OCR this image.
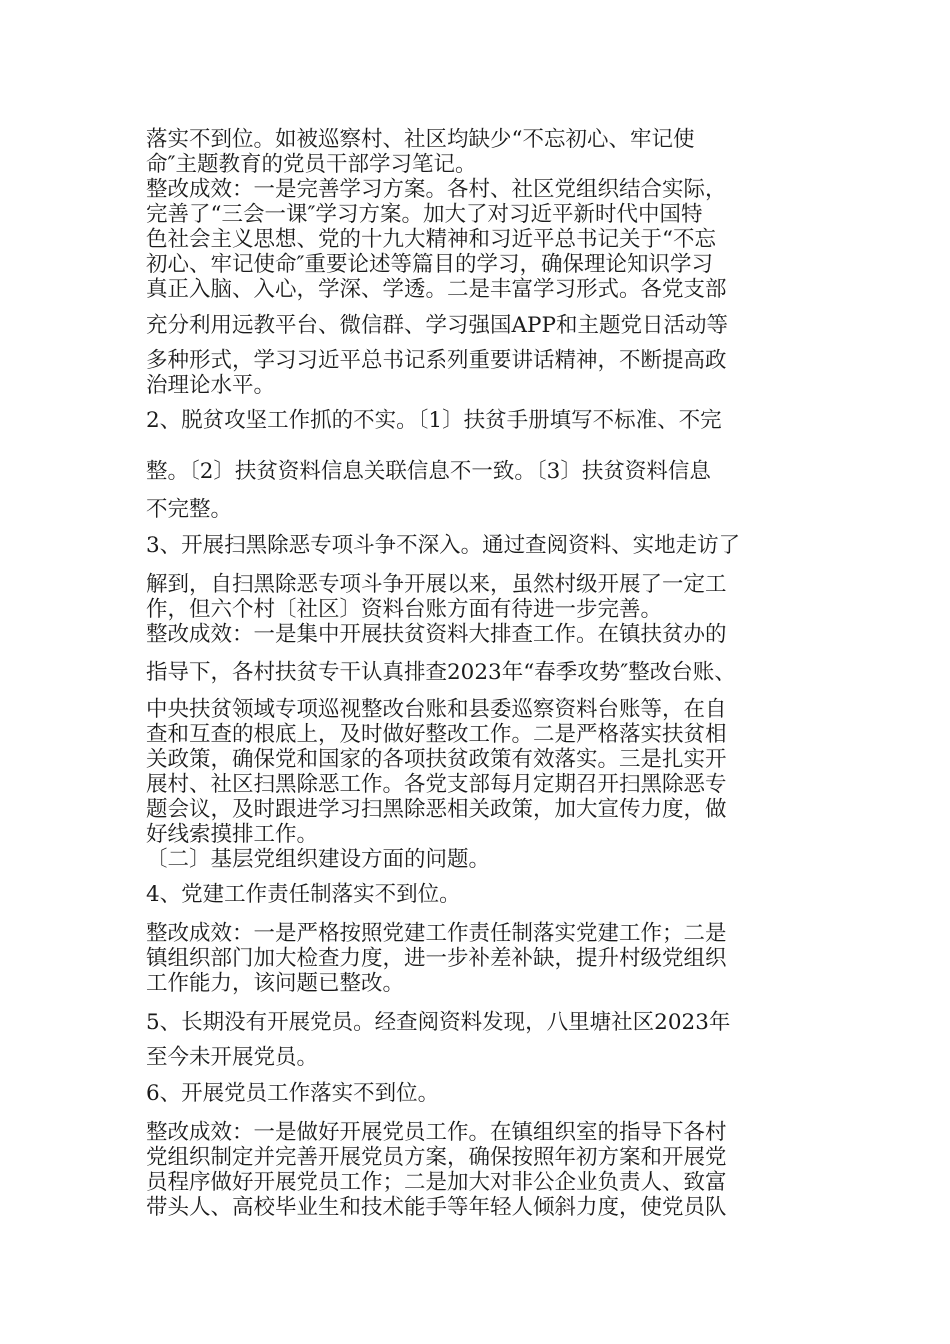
落实不到位。如被巡察村、社区均缺少“不忘初心、牢记使

命″主题教育的党员干部学习笔记。

整改成效：一是完善学习方案。各村、社区党组织结合实际，

完善了“三会一课″学习方案。加大了对习近平新时代中国特

色社会主义思想、党的十九大精神和习近平总书记关于“不忘

初心、牢记使命″重要论述等篇目的学习，确保理论知识学习

真正入脑、入心，学深、学透。二是丰富学习形式。各党支部

充分利用远教平台、微信群、学习强国APP和主题党日活动等

多种形式，学习习近平总书记系列重要讲话精神，不断提高政

治理论水平。

2、脱贫攻坚工作抓的不实。〔1〕扶贫手册填写不标准、不完

整。〔2〕扶贫资料信息关联信息不一致。〔3〕扶贫资料信息

不完整。

3、开展扫黑除恶专项斗争不深入。通过查阅资料、实地走访了

解到，自扫黑除恶专项斗争开展以来，虽然村级开展了一定工

作，但六个村〔社区〕资料台账方面有待进一步完善。

整改成效：一是集中开展扶贫资料大排查工作。在镇扶贫办的

指导下，各村扶贫专干认真排查2023年“春季攻势″整改台账、

中央扶贫领域专项巡视整改台账和县委巡察资料台账等，在自

查和互查的根底上，及时做好整改工作。二是严格落实扶贫相

关政策，确保党和国家的各项扶贫政策有效落实。三是扎实开

展村、社区扫黑除恶工作。各党支部每月定期召开扫黑除恶专

题会议，及时跟进学习扫黑除恶相关政策，加大宣传力度，做

好线索摸排工作。

〔二〕基层党组织建设方面的问题。

4、党建工作责任制落实不到位。

整改成效：一是严格按照党建工作责任制落实党建工作；二是

镇组织部门加大检查力度，进一步补差补缺，提升村级党组织

工作能力，该问题已整改。

5、长期没有开展党员。经查阅资料发现，八里塘社区2023年

至今未开展党员。

6、开展党员工作落实不到位。

整改成效：一是做好开展党员工作。在镇组织室的指导下各村

党组织制定并完善开展党员方案，确保按照年初方案和开展党

员程序做好开展党员工作；二是加大对非公企业负责人、致富

带头人、高校毕业生和技术能手等年轻人倾斜力度，使党员队
